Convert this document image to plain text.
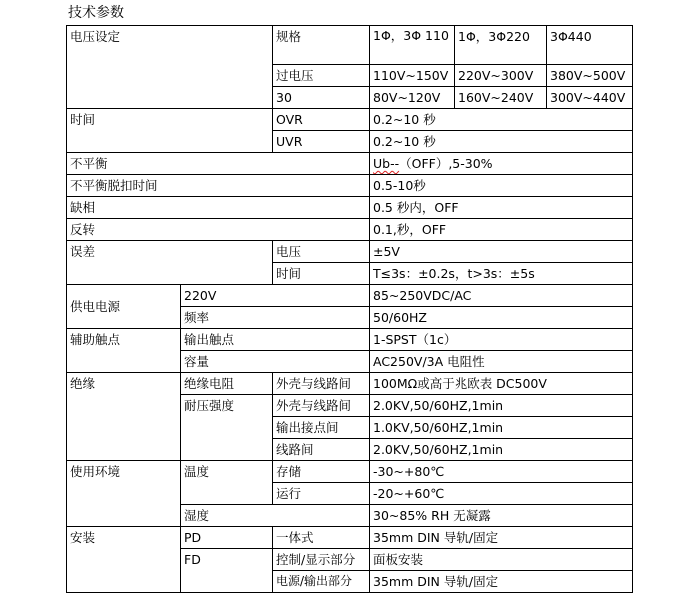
技术参数
电压设定		规格	1Φ，3Φ 110	1Φ，3Φ220	3Φ440
		过电压	110V~150V	220V~300V	380V~500V
		30	80V~120V	160V~240V	300V~440V
时间		OVR	0.2~10 秒		
		UVR	0.2~10 秒		
不平衡			Ub--（OFF）,5-30%		
不平衡脱扣时间			0.5-10秒		
缺相			0.5 秒内，OFF		
反转			0.1,秒，OFF		
误差		电压	±5V		
		时间	T≤3s：±0.2s，t>3s：±5s		
供电电源	220V		85~250VDC/AC		
	频率		50/60HZ		
辅助触点	输出触点		1-SPST（1c）		
	容量		AC250V/3A 电阻性		
绝缘	绝缘电阻	外壳与线路间	100MΩ或高于兆欧表 DC500V		
	耐压强度	外壳与线路间	2.0KV,50/60HZ,1min		
		输出接点间	1.0KV,50/60HZ,1min		
		线路间	2.0KV,50/60HZ,1min		
使用环境	温度	存储	-30~+80℃		
		运行	-20~+60℃		
	湿度		30~85% RH 无凝露		
安装	PD	一体式	35mm DIN 导轨/固定		
	FD	控制/显示部分	面板安装		
		电源/输出部分	35mm DIN 导轨/固定		
